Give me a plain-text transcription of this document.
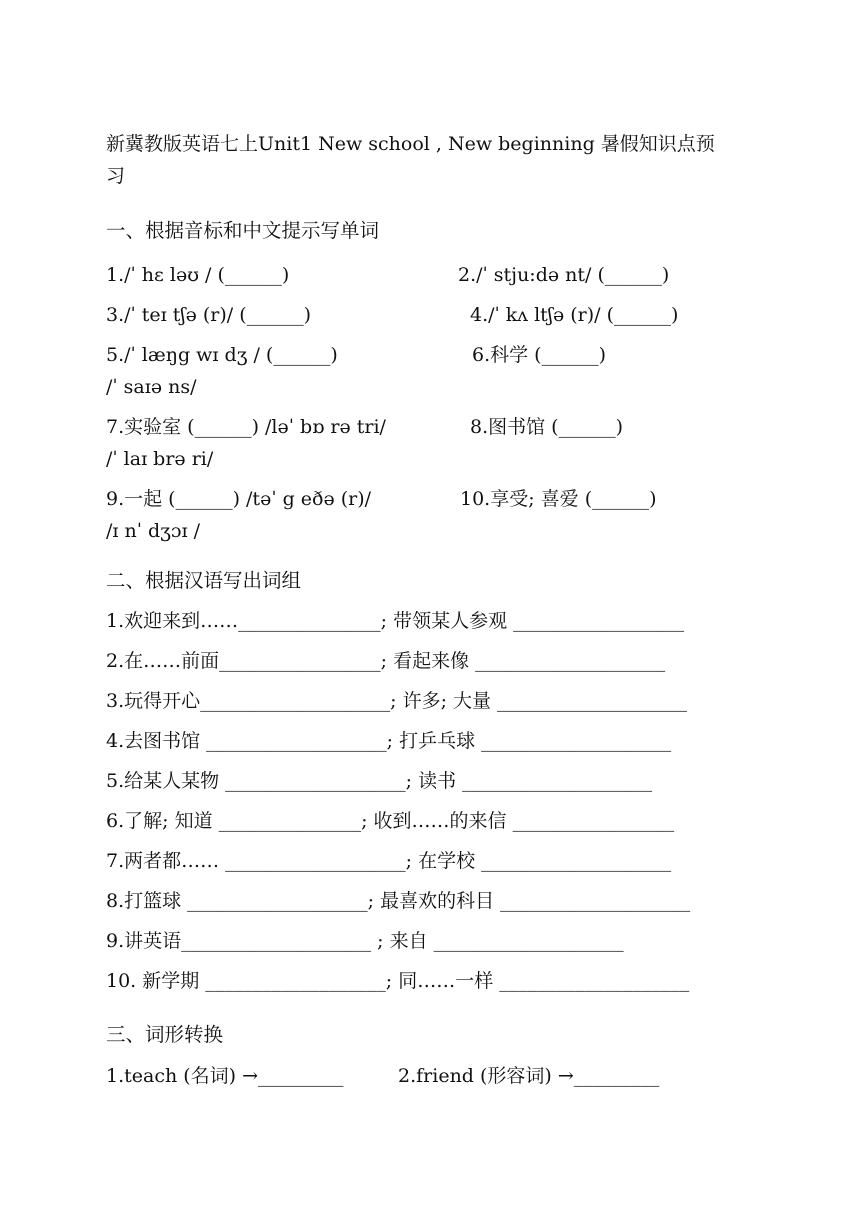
新冀教版英语七上Unit1 New school , New beginning 暑假知识点预
习
一、根据音标和中文提示写单词
1./ˈ hɛ ləʊ / (______)	2./ˈ stju:də nt/ (______)
3./ˈ teɪ tʃə (r)/ (______)	4./ˈ kʌ ltʃə (r)/ (______)
5./ˈ læŋg wɪ dʒ / (______)	6.科学 (______)
/ˈ saɪə ns/
7.实验室 (______) /ləˈ bɒ rə tri/	8.图书馆 (______)
/ˈ laɪ brə ri/
9.一起 (______) /təˈ g eðə (r)/	10.享受; 喜爱 (______)
/ɪ nˈ dʒɔɪ /
二、根据汉语写出词组
1.欢迎来到……_______________; 带领某人参观 __________________
2.在……前面_________________; 看起来像 ____________________
3.玩得开心____________________; 许多; 大量 ____________________
4.去图书馆 ___________________; 打乒乓球 ____________________
5.给某人某物 ___________________; 读书 ____________________
6.了解; 知道 _______________; 收到……的来信 _________________
7.两者都…… ___________________; 在学校 ____________________
8.打篮球 ___________________; 最喜欢的科目 ____________________
9.讲英语____________________ ; 来自 ____________________
10. 新学期 ___________________; 同……一样 ____________________
三、词形转换
1.teach (名词) →_________	2.friend (形容词) →_________
